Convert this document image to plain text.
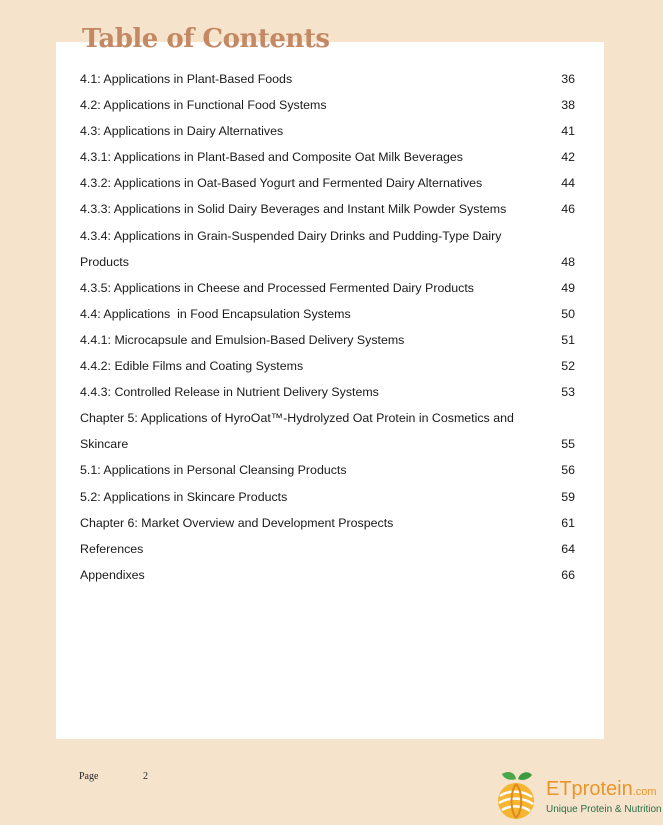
Table of Contents
4.1: Applications in Plant-Based Foods	36
4.2: Applications in Functional Food Systems	38
4.3: Applications in Dairy Alternatives	41
4.3.1: Applications in Plant-Based and Composite Oat Milk Beverages	42
4.3.2: Applications in Oat-Based Yogurt and Fermented Dairy Alternatives	44
4.3.3: Applications in Solid Dairy Beverages and Instant Milk Powder Systems	46
4.3.4: Applications in Grain-Suspended Dairy Drinks and Pudding-Type Dairy Products	48
4.3.5: Applications in Cheese and Processed Fermented Dairy Products	49
4.4: Applications  in Food Encapsulation Systems	50
4.4.1: Microcapsule and Emulsion-Based Delivery Systems	51
4.4.2: Edible Films and Coating Systems	52
4.4.3: Controlled Release in Nutrient Delivery Systems	53
Chapter 5: Applications of HyroOat™-Hydrolyzed Oat Protein in Cosmetics and Skincare	55
5.1: Applications in Personal Cleansing Products	56
5.2: Applications in Skincare Products	59
Chapter 6: Market Overview and Development Prospects	61
References	64
Appendixes	66
Page	2
ETprotein.com
Unique Protein & Nutrition
